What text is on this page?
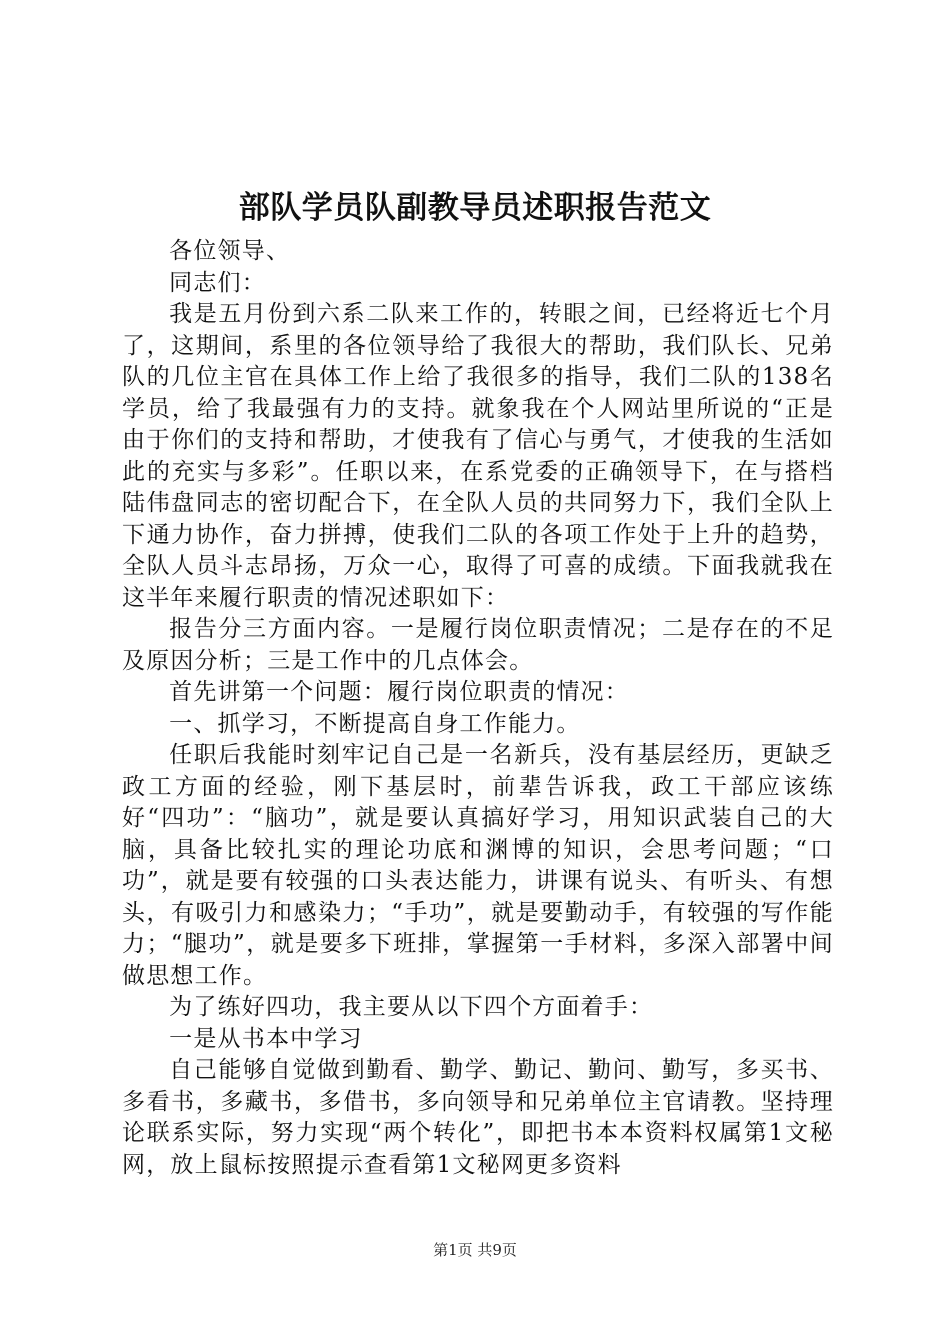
部队学员队副教导员述职报告范文

各位领导、

同志们：

我是五月份到六系二队来工作的，转眼之间，已经将近七个月了，这期间，系里的各位领导给了我很大的帮助，我们队长、兄弟队的几位主官在具体工作上给了我很多的指导，我们二队的138名学员，给了我最强有力的支持。就象我在个人网站里所说的“正是由于你们的支持和帮助，才使我有了信心与勇气，才使我的生活如此的充实与多彩”。任职以来，在系党委的正确领导下，在与搭档陆伟盘同志的密切配合下，在全队人员的共同努力下，我们全队上下通力协作，奋力拼搏，使我们二队的各项工作处于上升的趋势，全队人员斗志昂扬，万众一心，取得了可喜的成绩。下面我就我在这半年来履行职责的情况述职如下：

报告分三方面内容。一是履行岗位职责情况；二是存在的不足及原因分析；三是工作中的几点体会。

首先讲第一个问题：履行岗位职责的情况：

一、抓学习，不断提高自身工作能力。

任职后我能时刻牢记自己是一名新兵，没有基层经历，更缺乏政工方面的经验，刚下基层时，前辈告诉我，政工干部应该练好“四功”：“脑功”，就是要认真搞好学习，用知识武装自己的大脑，具备比较扎实的理论功底和渊博的知识，会思考问题；“口功”，就是要有较强的口头表达能力，讲课有说头、有听头、有想头，有吸引力和感染力；“手功”，就是要勤动手，有较强的写作能力；“腿功”，就是要多下班排，掌握第一手材料，多深入部署中间做思想工作。

为了练好四功，我主要从以下四个方面着手：

一是从书本中学习

自己能够自觉做到勤看、勤学、勤记、勤问、勤写，多买书、多看书，多藏书，多借书，多向领导和兄弟单位主官请教。坚持理论联系实际，努力实现“两个转化”，即把书本本资料权属第1文秘网，放上鼠标按照提示查看第1文秘网更多资料

第1页 共9页
